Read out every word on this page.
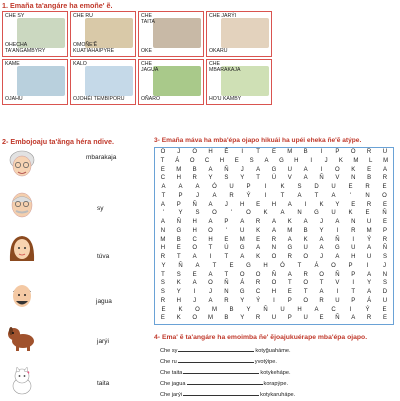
1. Emaña ta'angáre ha emoñe' ẽ.
CHE SY
OHECHA
TA'ANGAMBYRY
CHE RU
OMOÑE'Ẽ
KUATIAHAIPYRE
CHE
TAITA
OKE
CHE JARÝI
OKARU
KAME
OJAHU
KALO
OJOHÉI TEMBIPORU
CHE
JAGUA
OÑARO
CHE
MBARAKAJA
HO'U KAMBY
2- Embojoaju ta'ãnga hérа ndive.
mbarakaja
sy
túva
jagua
jarýi
taita
3- Emaña máva ha mba'épa ojapo hikuái ha upéi eheka ñe'ẽ atýpe.
O	J	O	H	É	I	T	E	M	B	I	P	O	R	U
T	Á	O	C	H	E	S	A	G	H	I	J	K	M	L	M
E	M	B	A	Ñ	J	A	G	U	A	I	O	K	E	A
C	H	R	Y	S	Y	T	Ú	V	A	Ñ	V	N	B	R
A	A	A	Ó	U	P	I	K	S	D	U	E	R	E
T	P	J	A	R	Ý	I	T	A	T	A	'	N	O
A	P	Ñ	A	J	H	E	H	A	I	K	Y	E	R	E
'	Y	S	O	'	O	K	A	N	G	U	K	E	Ñ
A	Ñ	H	A	P	A	R	A	K	A	J	A	N	U	E
N	G	H	O	'	U	K	A	M	B	Y	I	R	M	P
M	B	C	H	E	M	E	R	A	K	A	Ñ	I	Ý	R
H	E	O	T	Ú	G	A	N	G	U	A	G	U	A	Ñ
R	T	A	I	T	A	K	O	R	O	J	A	H	U	S
Y	Ñ	A	T	E	G	H	Ó	T	Á	O	P	I	J
T	S	E	A	T	O	O	Ñ	A	R	O	Ñ	P	A	N
S	K	A	O	Ñ	Á	R	O	T	O	T	V	I	Y	S
S	Y	I	J	N	G	C	H	E	T	A	I	T	A	D
R	H	J	A	R	Y	Ý	I	P	O	R	U	P	Á	U
E	K	O	M	B	Y	Ñ	U	H	A	C	I	Ý	E
E	K	O	M	B	Y	R	U	P	U	E	Ñ	A	R	E
4- Ema' ẽ ta'angáre ha emoimba ñe' ẽjoajukuérape mba'épa ojapo.
Che sy	kotyğuaháme.
Che ru	yvotýipe.
Che taita	kotykehápe.
Che jagua	korapýpe.
Che jarýi	kotykaruhápe.
